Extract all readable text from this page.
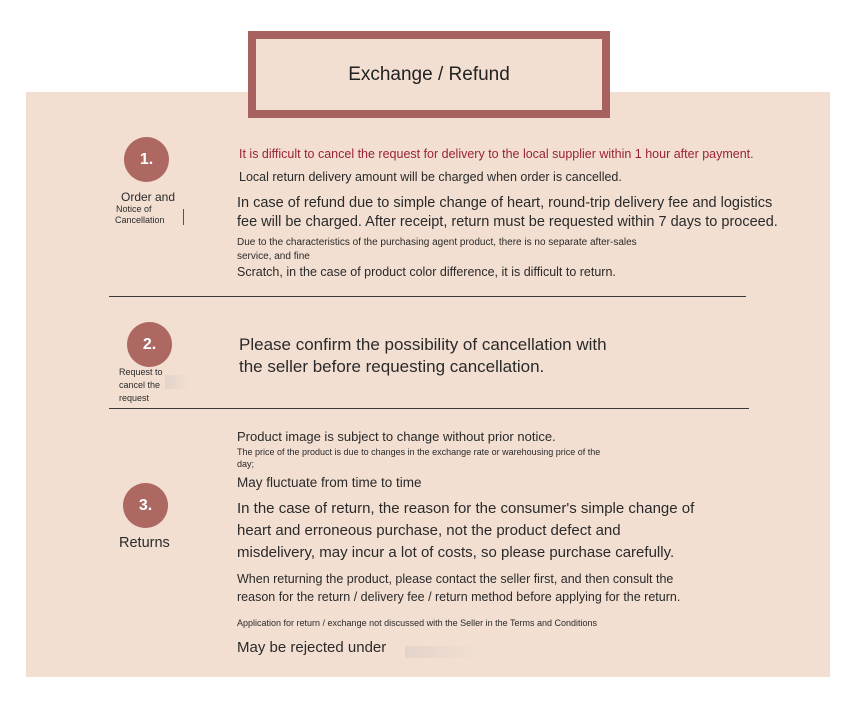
Exchange / Refund
1.
Order and
Notice of
Cancellation
It is difficult to cancel the request for delivery to the local supplier within 1 hour after payment.
Local return delivery amount will be charged when order is cancelled.
In case of refund due to simple change of heart, round-trip delivery fee and logistics
fee will be charged. After receipt, return must be requested within 7 days to proceed.
Due to the characteristics of the purchasing agent product, there is no separate after-sales
service, and fine
Scratch, in the case of product color difference, it is difficult to return.
2.
Request to
cancel the
request
Please confirm the possibility of cancellation with
the seller before requesting cancellation.
3.
Returns
Product image is subject to change without prior notice.
The price of the product is due to changes in the exchange rate or warehousing price of the
day;
May fluctuate from time to time
In the case of return, the reason for the consumer's simple change of
heart and erroneous purchase, not the product defect and
misdelivery, may incur a lot of costs, so please purchase carefully.
When returning the product, please contact the seller first, and then consult the
reason for the return / delivery fee / return method before applying for the return.
Application for return / exchange not discussed with the Seller in the Terms and Conditions
May be rejected under
